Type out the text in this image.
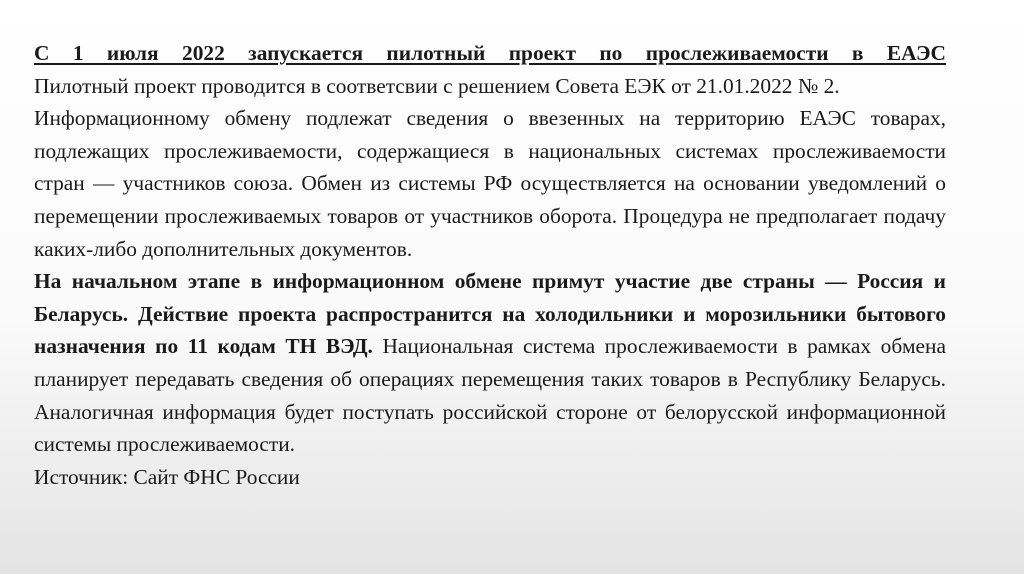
С 1 июля 2022 запускается пилотный проект по прослеживаемости в ЕАЭС

Пилотный проект проводится в соответсвии с решением Совета ЕЭК от 21.01.2022 № 2.

Информационному обмену подлежат сведения о ввезенных на территорию ЕАЭС товарах, подлежащих прослеживаемости, содержащиеся в национальных системах прослеживаемости стран — участников союза. Обмен из системы РФ осуществляется на основании уведомлений о перемещении прослеживаемых товаров от участников оборота. Процедура не предполагает подачу каких-либо дополнительных документов.

На начальном этапе в информационном обмене примут участие две страны — Россия и Беларусь. Действие проекта распространится на холодильники и морозильники бытового назначения по 11 кодам ТН ВЭД. Национальная система прослеживаемости в рамках обмена планирует передавать сведения об операциях перемещения таких товаров в Республику Беларусь. Аналогичная информация будет поступать российской стороне от белорусской информационной системы прослеживаемости.

Источник: Сайт ФНС России
